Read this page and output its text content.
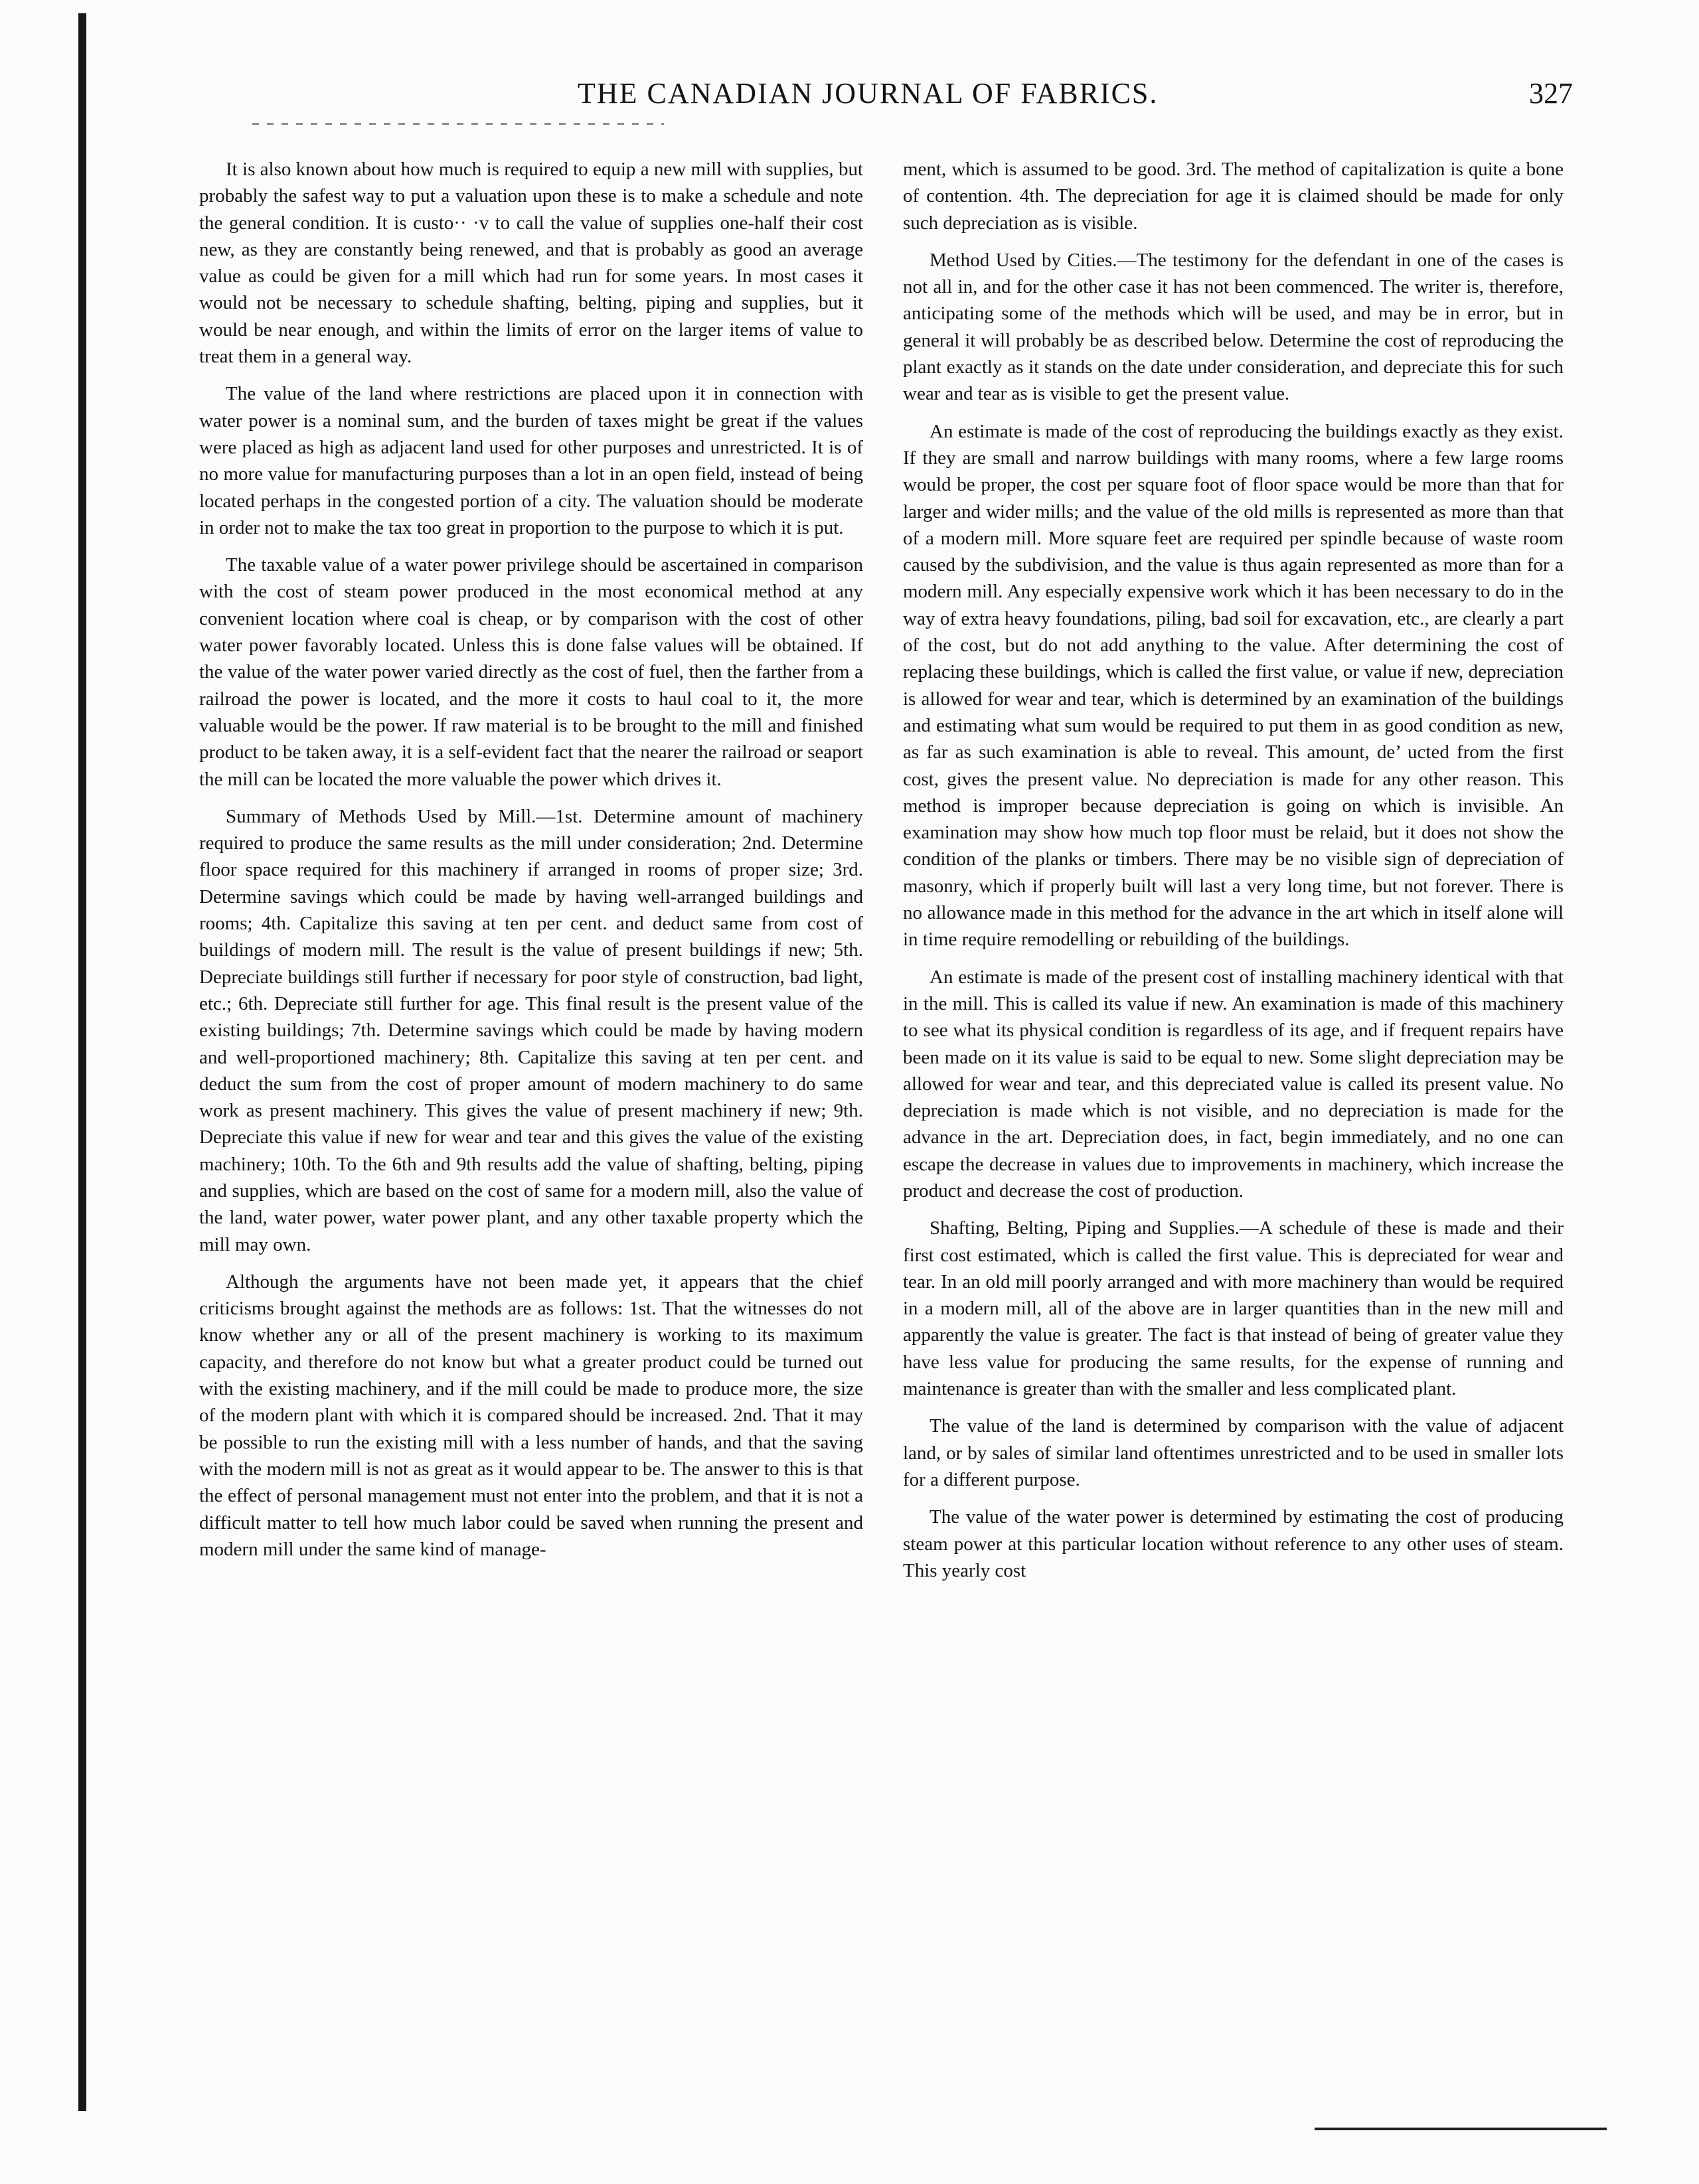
THE CANADIAN JOURNAL OF FABRICS.	327

It is also known about how much is required to equip a new mill with supplies, but probably the safest way to put a valuation upon these is to make a schedule and note the general condition. It is custo·· ·v to call the value of supplies one-half their cost new, as they are constantly being renewed, and that is probably as good an average value as could be given for a mill which had run for some years. In most cases it would not be necessary to schedule shafting, belting, piping and supplies, but it would be near enough, and within the limits of error on the larger items of value to treat them in a general way.

The value of the land where restrictions are placed upon it in connection with water power is a nominal sum, and the burden of taxes might be great if the values were placed as high as adjacent land used for other purposes and unrestricted. It is of no more value for manufacturing purposes than a lot in an open field, instead of being located perhaps in the congested portion of a city. The valuation should be moderate in order not to make the tax too great in proportion to the purpose to which it is put.

The taxable value of a water power privilege should be ascertained in comparison with the cost of steam power produced in the most economical method at any convenient location where coal is cheap, or by comparison with the cost of other water power favorably located. Unless this is done false values will be obtained. If the value of the water power varied directly as the cost of fuel, then the farther from a railroad the power is located, and the more it costs to haul coal to it, the more valuable would be the power. If raw material is to be brought to the mill and finished product to be taken away, it is a self-evident fact that the nearer the railroad or seaport the mill can be located the more valuable the power which drives it.

Summary of Methods Used by Mill.—1st. Determine amount of machinery required to produce the same results as the mill under consideration; 2nd. Determine floor space required for this machinery if arranged in rooms of proper size; 3rd. Determine savings which could be made by having well-arranged buildings and rooms; 4th. Capitalize this saving at ten per cent. and deduct same from cost of buildings of modern mill. The result is the value of present buildings if new; 5th. Depreciate buildings still further if necessary for poor style of construction, bad light, etc.; 6th. Depreciate still further for age. This final result is the present value of the existing buildings; 7th. Determine savings which could be made by having modern and well-proportioned machinery; 8th. Capitalize this saving at ten per cent. and deduct the sum from the cost of proper amount of modern machinery to do same work as present machinery. This gives the value of present machinery if new; 9th. Depreciate this value if new for wear and tear and this gives the value of the existing machinery; 10th. To the 6th and 9th results add the value of shafting, belting, piping and supplies, which are based on the cost of same for a modern mill, also the value of the land, water power, water power plant, and any other taxable property which the mill may own.

Although the arguments have not been made yet, it appears that the chief criticisms brought against the methods are as follows: 1st. That the witnesses do not know whether any or all of the present machinery is working to its maximum capacity, and therefore do not know but what a greater product could be turned out with the existing machinery, and if the mill could be made to produce more, the size of the modern plant with which it is compared should be increased. 2nd. That it may be possible to run the existing mill with a less number of hands, and that the saving with the modern mill is not as great as it would appear to be. The answer to this is that the effect of personal management must not enter into the problem, and that it is not a difficult matter to tell how much labor could be saved when running the present and modern mill under the same kind of manage-

ment, which is assumed to be good. 3rd. The method of capitalization is quite a bone of contention. 4th. The depreciation for age it is claimed should be made for only such depreciation as is visible.

Method Used by Cities.—The testimony for the defendant in one of the cases is not all in, and for the other case it has not been commenced. The writer is, therefore, anticipating some of the methods which will be used, and may be in error, but in general it will probably be as described below. Determine the cost of reproducing the plant exactly as it stands on the date under consideration, and depreciate this for such wear and tear as is visible to get the present value.

An estimate is made of the cost of reproducing the buildings exactly as they exist. If they are small and narrow buildings with many rooms, where a few large rooms would be proper, the cost per square foot of floor space would be more than that for larger and wider mills; and the value of the old mills is represented as more than that of a modern mill. More square feet are required per spindle because of waste room caused by the subdivision, and the value is thus again represented as more than for a modern mill. Any especially expensive work which it has been necessary to do in the way of extra heavy foundations, piling, bad soil for excavation, etc., are clearly a part of the cost, but do not add anything to the value. After determining the cost of replacing these buildings, which is called the first value, or value if new, depreciation is allowed for wear and tear, which is determined by an examination of the buildings and estimating what sum would be required to put them in as good condition as new, as far as such examination is able to reveal. This amount, de’ ucted from the first cost, gives the present value. No depreciation is made for any other reason. This method is improper because depreciation is going on which is invisible. An examination may show how much top floor must be relaid, but it does not show the condition of the planks or timbers. There may be no visible sign of depreciation of masonry, which if properly built will last a very long time, but not forever. There is no allowance made in this method for the advance in the art which in itself alone will in time require remodelling or rebuilding of the buildings.

An estimate is made of the present cost of installing machinery identical with that in the mill. This is called its value if new. An examination is made of this machinery to see what its physical condition is regardless of its age, and if frequent repairs have been made on it its value is said to be equal to new. Some slight depreciation may be allowed for wear and tear, and this depreciated value is called its present value. No depreciation is made which is not visible, and no depreciation is made for the advance in the art. Depreciation does, in fact, begin immediately, and no one can escape the decrease in values due to improvements in machinery, which increase the product and decrease the cost of production.

Shafting, Belting, Piping and Supplies.—A schedule of these is made and their first cost estimated, which is called the first value. This is depreciated for wear and tear. In an old mill poorly arranged and with more machinery than would be required in a modern mill, all of the above are in larger quantities than in the new mill and apparently the value is greater. The fact is that instead of being of greater value they have less value for producing the same results, for the expense of running and maintenance is greater than with the smaller and less complicated plant.

The value of the land is determined by comparison with the value of adjacent land, or by sales of similar land oftentimes unrestricted and to be used in smaller lots for a different purpose.

The value of the water power is determined by estimating the cost of producing steam power at this particular location without reference to any other uses of steam. This yearly cost
